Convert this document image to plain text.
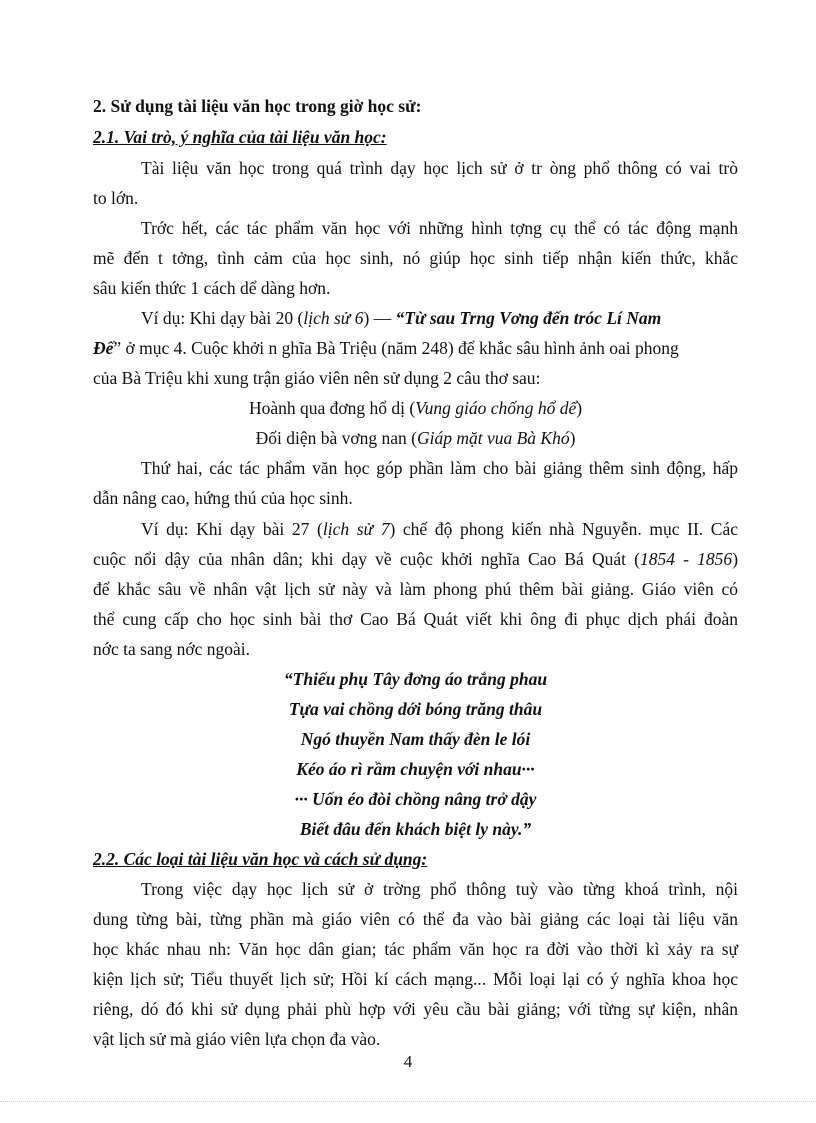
2. Sử dụng tài liệu văn học trong giờ học sử:
2.1. Vai trò, ý nghĩa của tài liệu văn học:
Tài liệu văn học trong quá trình dạy học lịch sử ở tr òng phổ thông có vai trò
to lớn.
Trớc hết, các tác phẩm văn học với những hình tợng cụ thể có tác động mạnh
mẽ đến t tởng, tình cảm của học sinh, nó giúp học sinh tiếp nhận kiến thức, khắc
sâu kiến thức 1 cách dể dàng hơn.
Ví dụ: Khi dạy bài 20 (lịch sử 6) — “Từ sau Trng Vơng đến tróc Lí Nam
Đế” ở mục 4. Cuộc khởi n ghĩa Bà Triệu (năm 248) để khắc sâu hình ảnh oai phong
của Bà Triệu khi xung trận giáo viên nên sử dụng 2 câu thơ sau:
Hoành qua đơng hổ dị (Vung giáo chống hổ dể)
Đối diện bà vơng nan (Giáp mặt vua Bà Khó)
Thứ hai, các tác phẩm văn học góp phần làm cho bài giảng thêm sinh động, hấp
dẫn nâng cao, hứng thú của học sinh.
Ví dụ: Khi dạy bài 27 (lịch sử 7) chế độ phong kiến nhà Nguyễn. mục II. Các
cuộc nổi dậy của nhân dân; khi dạy về cuộc khởi nghĩa Cao Bá Quát (1854 - 1856)
để khắc sâu về nhân vật lịch sử này và làm phong phú thêm bài giảng. Giáo viên có
thể cung cấp cho học sinh bài thơ Cao Bá Quát viết khi ông đi phục dịch phái đoàn
nớc ta sang nớc ngoài.
“Thiếu phụ Tây đơng áo trắng phau
Tựa vai chồng dới bóng trăng thâu
Ngó thuyền Nam thấy đèn le lói
Kéo áo rì rầm chuyện với nhau···
··· Uốn éo đòi chồng nâng trở dậy
Biết đâu đến khách biệt ly này.”
2.2. Các loại tài liệu văn học và cách sử dụng:
Trong việc dạy học lịch sử ở trờng phổ thông tuỳ vào từng khoá trình, nội
dung từng bài, từng phần mà giáo viên có thể đa vào bài giảng các loại tài liệu văn
học khác nhau nh: Văn học dân gian; tác phẩm văn học ra đời vào thời kì xảy ra sự
kiện lịch sử; Tiểu thuyết lịch sử; Hồi kí cách mạng... Mỗi loại lại có ý nghĩa khoa học
riêng, dó đó khi sử dụng phải phù hợp với yêu cầu bài giảng; với từng sự kiện, nhân
vật lịch sử mà giáo viên lựa chọn đa vào.
4
